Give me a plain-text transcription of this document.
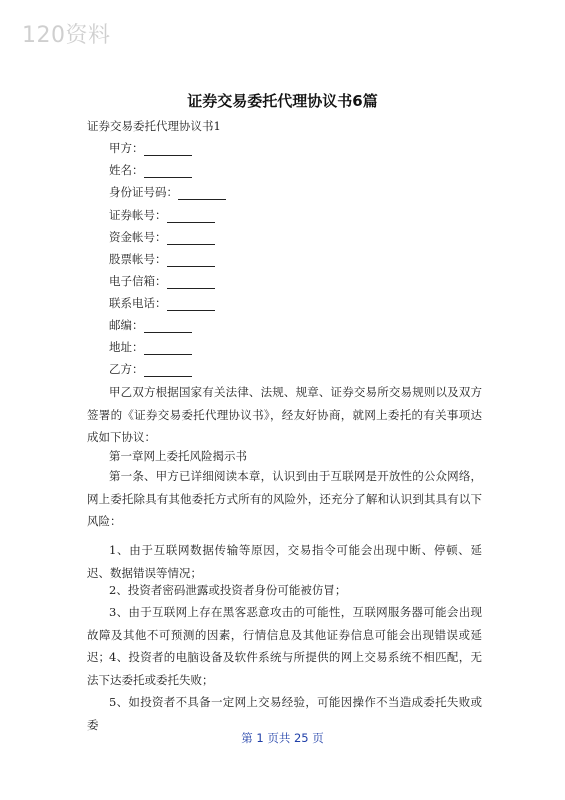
120资料
证券交易委托代理协议书6篇
证券交易委托代理协议书1
甲方：
姓名：
身份证号码：
证券帐号：
资金帐号：
股票帐号：
电子信箱：
联系电话：
邮编：
地址：
乙方：
甲乙双方根据国家有关法律、法规、规章、证券交易所交易规则以及双方签署的《证券交易委托代理协议书》，经友好协商，就网上委托的有关事项达成如下协议：
第一章网上委托风险揭示书
第一条、甲方已详细阅读本章，认识到由于互联网是开放性的公众网络，网上委托除具有其他委托方式所有的风险外，还充分了解和认识到其具有以下风险：
1、由于互联网数据传输等原因，交易指令可能会出现中断、停顿、延迟、数据错误等情况；
2、投资者密码泄露或投资者身份可能被仿冒；
3、由于互联网上存在黑客恶意攻击的可能性，互联网服务器可能会出现故障及其他不可预测的因素，行情信息及其他证券信息可能会出现错误或延迟； 4、投资者的电脑设备及软件系统与所提供的网上交易系统不相匹配，无法下达委托或委托失败；
5、如投资者不具备一定网上交易经验，可能因操作不当造成委托失败或委
第 1 页共 25 页
